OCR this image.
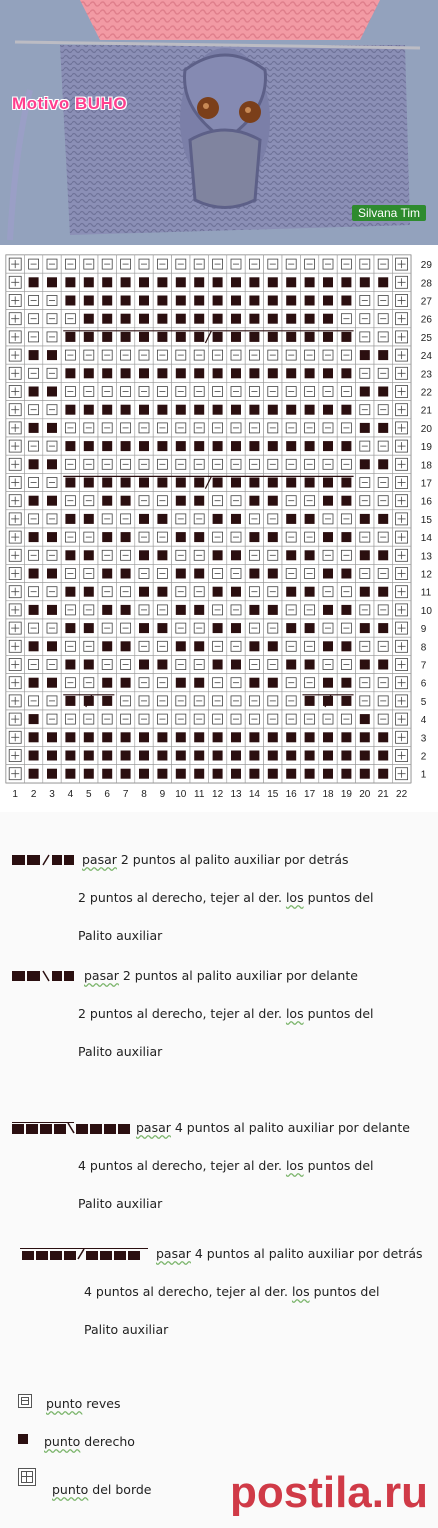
Motivo BUHO
Silvana Tim
29
28
27
26
25
24
23
22
21
20
19
18
17
16
15
14
13
12
11
10
9
8
7
6
5
4
3
2
1
1 2 3 4 5 6 7 8 9 10 11 12 13 14 15 16 17 18 19 20 21 22
pasar 2 puntos al palito auxiliar por detrás
2 puntos al derecho, tejer al der. los puntos del
Palito auxiliar
pasar 2 puntos al palito auxiliar por delante
2 puntos al derecho, tejer al der. los puntos del
Palito auxiliar
pasar 4 puntos al palito auxiliar por delante
4 puntos al derecho, tejer al der. los puntos del
Palito auxiliar
pasar 4 puntos al palito auxiliar por detrás
4 puntos al derecho, tejer al der. los puntos del
Palito auxiliar
punto reves
punto derecho
punto del borde postila.ru
